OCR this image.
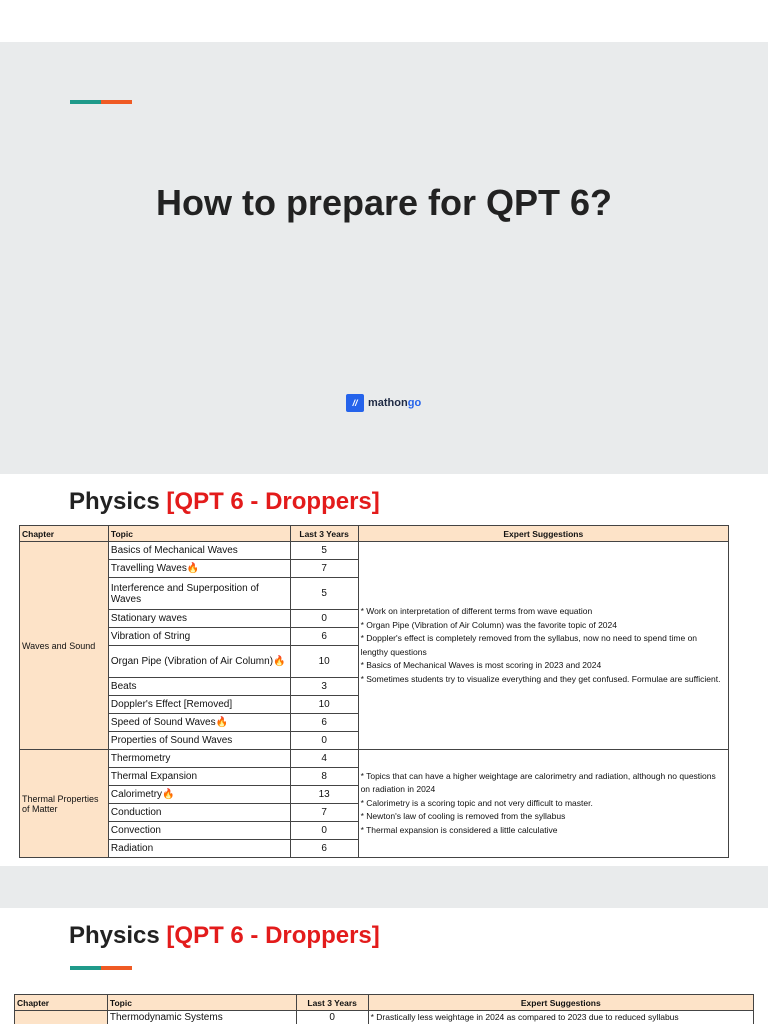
How to prepare for QPT 6?
// mathongo
Physics [QPT 6 - Droppers]
Chapter	Topic	Last 3 Years	Expert Suggestions
Waves and Sound	Basics of Mechanical Waves	5	* Work on interpretation of different terms from wave equation
* Organ Pipe (Vibration of Air Column) was the favorite topic of 2024
* Doppler's effect is completely removed from the syllabus, now no need to spend time on lengthy questions
* Basics of Mechanical Waves is most scoring in 2023 and 2024
* Sometimes students try to visualize everything and they get confused. Formulae are sufficient.

	Travelling Waves🔥	7	
	Interference and Superposition of Waves	5	
	Stationary waves	0	
	Vibration of String	6	
	Organ Pipe (Vibration of Air Column)🔥	10	
	Beats	3	
	Doppler's Effect [Removed]	10	
	Speed of Sound Waves🔥	6	
	Properties of Sound Waves	0	
Thermal Properties of Matter	Thermometry	4	* Topics that can have a higher weightage are calorimetry and radiation, although no questions on radiation in 2024
* Calorimetry is a scoring topic and not very difficult to master.
* Newton's law of cooling is removed from the syllabus
* Thermal expansion is considered a little calculative

	Thermal Expansion	8	
	Calorimetry🔥	13	
	Conduction	7	
	Convection	0	
	Radiation	6	
Physics [QPT 6 - Droppers]
Chapter	Topic	Last 3 Years	Expert Suggestions
	Thermodynamic Systems	0	* Drastically less weightage in 2024 as compared to 2023 due to reduced syllabus
